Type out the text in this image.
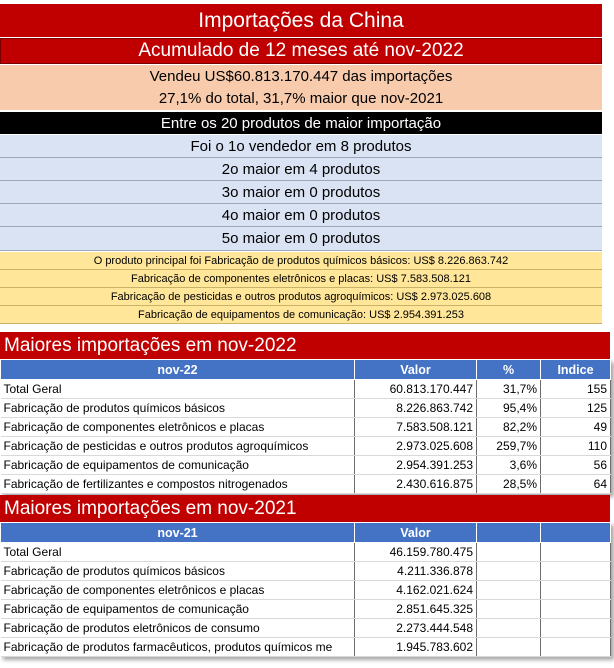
Importações da China
Acumulado de 12 meses até nov-2022
Vendeu US$60.813.170.447 das importações
27,1% do total, 31,7% maior que nov-2021
Entre os 20 produtos de maior importação
Foi o 1o vendedor em 8 produtos
2o maior em 4 produtos
3o maior em 0 produtos
4o maior em 0 produtos
5o maior em 0 produtos
O produto principal foi Fabricação de produtos químicos básicos: US$ 8.226.863.742
Fabricação de componentes eletrônicos e placas: US$ 7.583.508.121
Fabricação de pesticidas e outros produtos agroquímicos: US$ 2.973.025.608
Fabricação de equipamentos de comunicação: US$ 2.954.391.253
Maiores importações em nov-2022
nov-22	Valor	%	Indice
Total Geral	60.813.170.447	31,7%	155
Fabricação de produtos químicos básicos	8.226.863.742	95,4%	125
Fabricação de componentes eletrônicos e placas	7.583.508.121	82,2%	49
Fabricação de pesticidas e outros produtos agroquímicos	2.973.025.608	259,7%	110
Fabricação de equipamentos de comunicação	2.954.391.253	3,6%	56
Fabricação de fertilizantes e compostos nitrogenados	2.430.616.875	28,5%	64
Maiores importações em nov-2021
nov-21	Valor		
Total Geral	46.159.780.475		
Fabricação de produtos químicos básicos	4.211.336.878		
Fabricação de componentes eletrônicos e placas	4.162.021.624		
Fabricação de equipamentos de comunicação	2.851.645.325		
Fabricação de produtos eletrônicos de consumo	2.273.444.548		
Fabricação de produtos farmacêuticos, produtos químicos me	1.945.783.602		
